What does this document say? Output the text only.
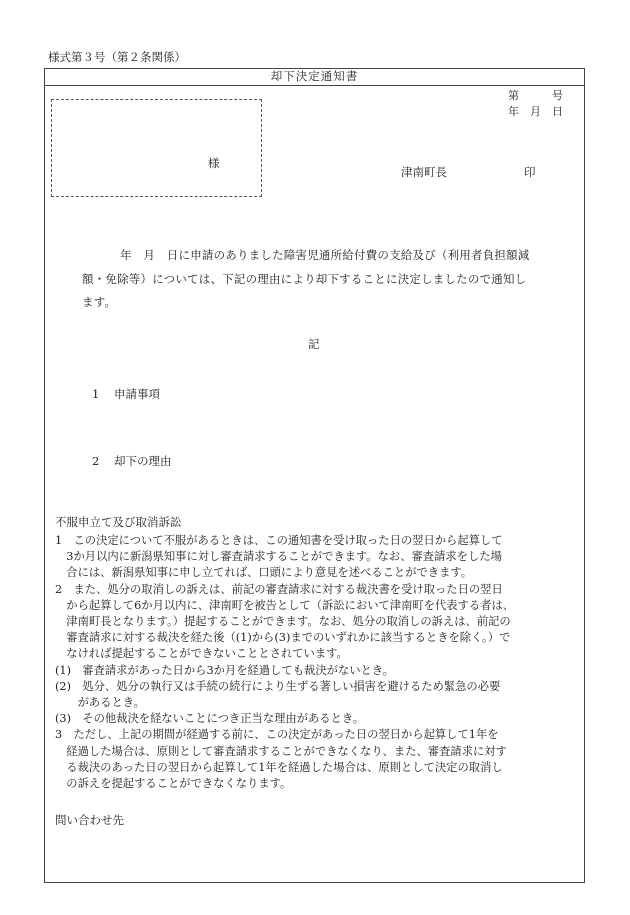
様式第３号（第２条関係）
却下決定通知書
第　　　号
年　月　日
様
津南町長	印
年　月　日に申請のありました障害児通所給付費の支給及び（利用者負担額減
額・免除等）については、下記の理由により却下することに決定しましたので通知し
ます。
記
1 申請事項
2 却下の理由
不服申立て及び取消訴訟
1　この決定について不服があるときは、この通知書を受け取った日の翌日から起算して
　3か月以内に新潟県知事に対し審査請求することができます。なお、審査請求をした場
　合には、新潟県知事に申し立てれば、口頭により意見を述べることができます。
2　また、処分の取消しの訴えは、前記の審査請求に対する裁決書を受け取った日の翌日
　から起算して6か月以内に、津南町を被告として（訴訟において津南町を代表する者は、
　津南町長となります。）提起することができます。なお、処分の取消しの訴えは、前記の
　審査請求に対する裁決を経た後（(1)から(3)までのいずれかに該当するときを除く。）で
　なければ提起することができないこととされています。
(1)　審査請求があった日から3か月を経過しても裁決がないとき。
(2)　処分、処分の執行又は手続の続行により生ずる著しい損害を避けるため緊急の必要
　　があるとき。
(3)　その他裁決を経ないことにつき正当な理由があるとき。
3　ただし、上記の期間が経過する前に、この決定があった日の翌日から起算して1年を
　経過した場合は、原則として審査請求することができなくなり、また、審査請求に対す
　る裁決のあった日の翌日から起算して1年を経過した場合は、原則として決定の取消し
　の訴えを提起することができなくなります。
問い合わせ先
